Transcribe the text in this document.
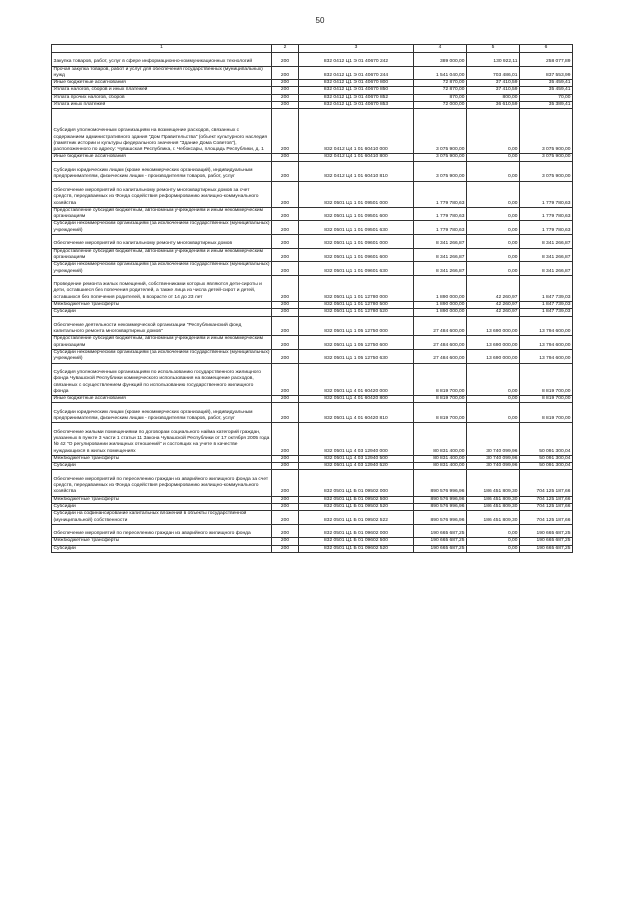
50
1	2	3	4	5	6
Закупка товаров, работ, услуг в сфере информационно-коммуникационных технологий	200	832 0412 Ц1 Э 01 40670 242	389 000,00	130 922,11	258 077,89
Прочая закупка товаров, работ и услуг для обеспечения государственных (муниципальных) нужд	200	832 0412 Ц1 Э 01 40670 244	1 541 040,00	703 486,01	837 553,99
Иные бюджетные ассигнования	200	832 0412 Ц1 Э 01 40670 800	72 870,00	37 410,59	35 459,41
Уплата налогов, сборов и иных платежей	200	832 0412 Ц1 Э 01 40670 850	72 870,00	37 410,59	35 459,41
Уплата прочих налогов, сборов	200	832 0412 Ц1 Э 01 40670 852	870,00	800,00	70,00
Уплата иных платежей	200	832 0412 Ц1 Э 01 40670 853	72 000,00	36 610,59	35 389,41
Субсидия уполномоченным организациям на возмещение расходов, связанных с содержанием административного здания "Дом Правительства" (объект культурного наследия (памятник истории и культуры федерального значения "Здание Дома Советов"), расположенного по адресу: Чувашская Республика, г. Чебоксары, площадь Республики, д. 1	200	832 0412 Ц4 1 01 60410 000	3 075 900,00	0,00	3 075 900,00
Иные бюджетные ассигнования	200	832 0412 Ц4 1 01 60410 800	3 075 900,00	0,00	3 075 900,00
Субсидии юридическим лицам (кроме некоммерческих организаций), индивидуальным предпринимателям, физическим лицам - производителям товаров, работ, услуг	200	832 0412 Ц4 1 01 60410 810	3 075 900,00	0,00	3 075 900,00
Обеспечение мероприятий по капитальному ремонту многоквартирных домов за счет средств, передаваемых из Фонда содействия реформированию жилищно-коммунального хозяйства	200	832 0501 Ц1 1 01 09501 000	1 779 780,63	0,00	1 779 780,63
Предоставление субсидий бюджетным, автономным учреждениям и иным некоммерческим организациям	200	832 0501 Ц1 1 01 09501 600	1 779 780,63	0,00	1 779 780,63
Субсидии некоммерческим организациям (за исключением государственных (муниципальных) учреждений)	200	832 0501 Ц1 1 01 09501 630	1 779 780,63	0,00	1 779 780,63
Обеспечение мероприятий по капитальному ремонту многоквартирных домов	200	832 0501 Ц1 1 01 09601 000	8 341 266,87	0,00	8 341 266,87
Предоставление субсидий бюджетным, автономным учреждениям и иным некоммерческим организациям	200	832 0501 Ц1 1 01 09601 600	8 341 266,87	0,00	8 341 266,87
Субсидии некоммерческим организациям (за исключением государственных (муниципальных) учреждений)	200	832 0501 Ц1 1 01 09601 630	8 341 266,87	0,00	8 341 266,87
Проведение ремонта жилых помещений, собственниками которых являются дети-сироты и дети, оставшиеся без попечения родителей, а также лица из числа детей-сирот и детей, оставшихся без попечения родителей, в возрасте от 14 до 23 лет	200	832 0501 Ц1 1 01 12780 000	1 890 000,00	42 260,97	1 847 739,03
Межбюджетные трансферты	200	832 0501 Ц1 1 01 12780 500	1 890 000,00	42 260,97	1 847 739,03
Субсидии	200	832 0501 Ц1 1 01 12780 520	1 890 000,00	42 260,97	1 847 739,03
Обеспечение деятельности некоммерческой организации "Республиканский фонд капитального ремонта многоквартирных домов"	200	832 0501 Ц1 1 05 12750 000	27 484 600,00	13 690 000,00	13 794 600,00
Предоставление субсидий бюджетным, автономным учреждениям и иным некоммерческим организациям	200	832 0501 Ц1 1 05 12750 600	27 484 600,00	13 690 000,00	13 794 600,00
Субсидии некоммерческим организациям (за исключением государственных (муниципальных) учреждений)	200	832 0501 Ц1 1 05 12750 630	27 484 600,00	13 690 000,00	13 794 600,00
Субсидия уполномоченным организациям по использованию государственного жилищного фонда Чувашской Республики коммерческого использования на возмещение расходов, связанных с осуществлением функций по использованию государственного жилищного фонда	200	832 0501 Ц1 4 01 60420 000	8 819 700,00	0,00	8 819 700,00
Иные бюджетные ассигнования	200	832 0501 Ц1 4 01 60420 800	8 819 700,00	0,00	8 819 700,00
Субсидии юридическим лицам (кроме некоммерческих организаций), индивидуальным предпринимателям, физическим лицам - производителям товаров, работ, услуг	200	832 0501 Ц1 4 01 60420 810	8 819 700,00	0,00	8 819 700,00
Обеспечение жилыми помещениями по договорам социального найма категорий граждан, указанных в пункте 3 части 1 статьи 11 Закона Чувашской Республики от 17 октября 2005 года № 42 "О регулировании жилищных отношений" и состоящих на учете в качестве нуждающихся в жилых помещениях	200	832 0501 Ц1 4 03 12940 000	80 831 400,00	30 740 099,96	50 091 300,04
Межбюджетные трансферты	200	832 0501 Ц1 4 03 12940 500	80 831 400,00	30 740 099,96	50 091 300,04
Субсидии	200	832 0501 Ц1 4 03 12940 520	80 831 400,00	30 740 099,96	50 091 300,04
Обеспечение мероприятий по переселению граждан из аварийного жилищного фонда за счет средств, передаваемых из Фонда содействия реформированию жилищно-коммунального хозяйства	200	832 0501 Ц1 Б 01 09502 000	890 576 996,96	186 451 809,30	704 125 187,66
Межбюджетные трансферты	200	832 0501 Ц1 Б 01 09502 500	890 576 996,96	186 451 809,30	704 125 187,66
Субсидии	200	832 0501 Ц1 Б 01 09502 520	890 576 996,96	186 451 809,30	704 125 187,66
Субсидии на софинансирование капитальных вложений в объекты государственной (муниципальной) собственности	200	832 0501 Ц1 Б 01 09502 522	890 576 996,96	186 451 809,30	704 125 187,66
Обеспечение мероприятий по переселению граждан из аварийного жилищного фонда	200	832 0501 Ц1 Б 01 09602 000	190 665 687,25	0,00	190 665 687,25
Межбюджетные трансферты	200	832 0501 Ц1 Б 01 09602 500	190 665 687,25	0,00	190 665 687,25
Субсидии	200	832 0501 Ц1 Б 01 09602 520	190 665 687,25	0,00	190 665 687,25
